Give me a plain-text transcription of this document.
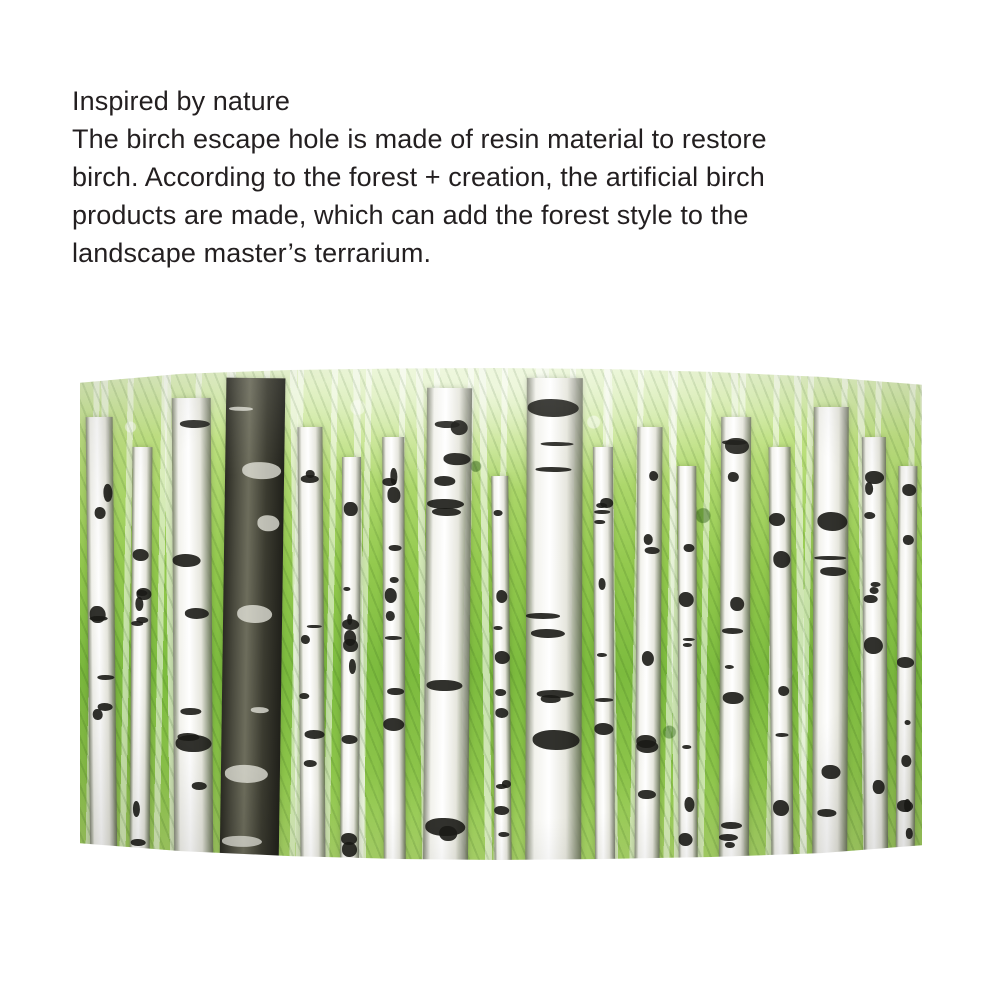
Inspired by nature
The birch escape hole is made of resin material to restore
birch. According to the forest + creation, the artificial birch
products are made, which can add the forest style to the
landscape master’s terrarium.
